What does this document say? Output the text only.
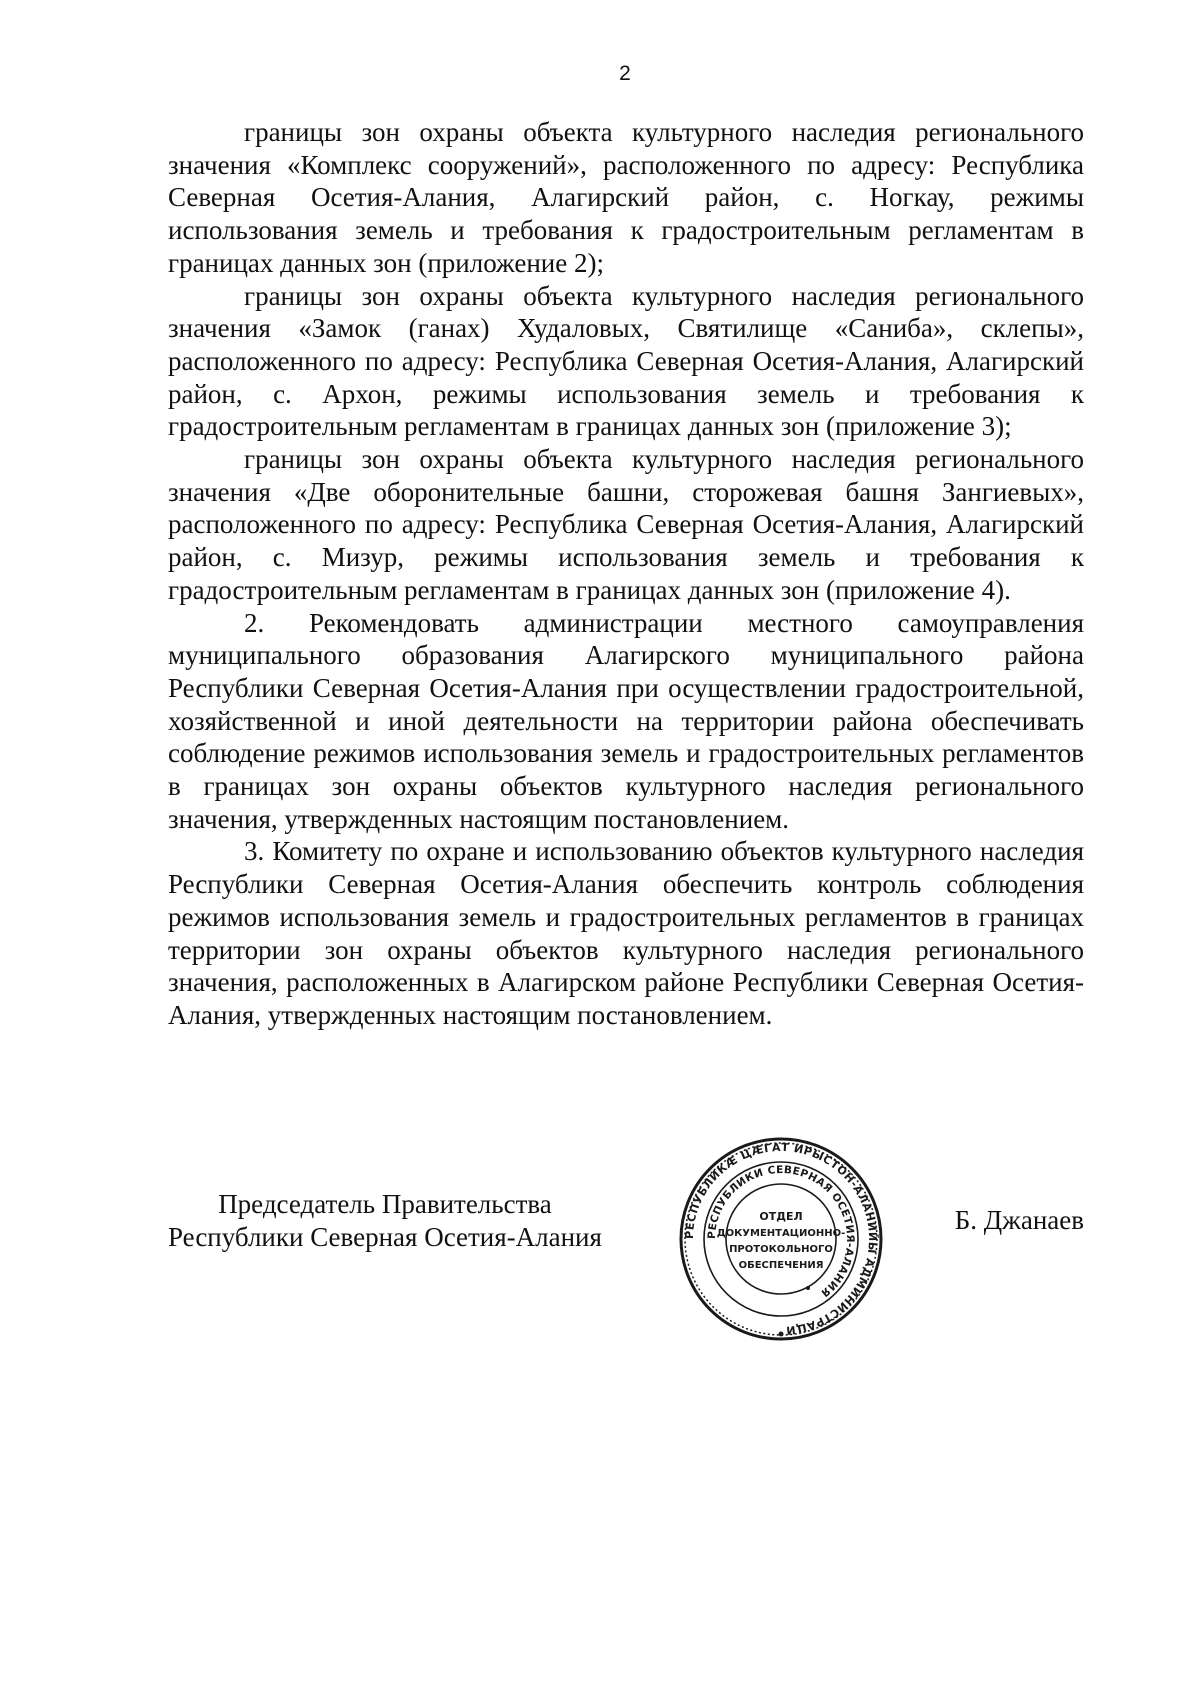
2

границы зон охраны объекта культурного наследия регионального значения «Комплекс сооружений», расположенного по адресу: Республика Северная Осетия-Алания, Алагирский район, с. Ногкау, режимы использования земель и требования к градостроительным регламентам в границах данных зон (приложение 2);

границы зон охраны объекта культурного наследия регионального значения «Замок (ганах) Худаловых, Святилище «Саниба», склепы», расположенного по адресу: Республика Северная Осетия-Алания, Алагирский район, с. Архон, режимы использования земель и требования к градостроительным регламентам в границах данных зон (приложение 3);

границы зон охраны объекта культурного наследия регионального значения «Две оборонительные башни, сторожевая башня Зангиевых», расположенного по адресу: Республика Северная Осетия-Алания, Алагирский район, с. Мизур, режимы использования земель и требования к градостроительным регламентам в границах данных зон (приложение 4).

2. Рекомендовать администрации местного самоуправления муниципального образования Алагирского муниципального района Республики Северная Осетия-Алания при осуществлении градостроительной, хозяйственной и иной деятельности на территории района обеспечивать соблюдение режимов использования земель и градостроительных регламентов в границах зон охраны объектов культурного наследия регионального значения, утвержденных настоящим постановлением.

3. Комитету по охране и использованию объектов культурного наследия Республики Северная Осетия-Алания обеспечить контроль соблюдения режимов использования земель и градостроительных регламентов в границах территории зон охраны объектов культурного наследия регионального значения, расположенных в Алагирском районе Республики Северная Осетия-Алания, утвержденных настоящим постановлением.

Председатель Правительства
Республики Северная Осетия-Алания	РЕСПУБЛИКÆ ЦÆГАТ ИРЫСТОН-АЛАНИЙЫ АДМИНИСТРАЦИ
РЕСПУБЛИКИ СЕВЕРНАЯ ОСЕТИЯ-АЛАНИЯ
ОТДЕЛ
ДОКУМЕНТАЦИОННО-
ПРОТОКОЛЬНОГО
ОБЕСПЕЧЕНИЯ
Б. Джанаев
